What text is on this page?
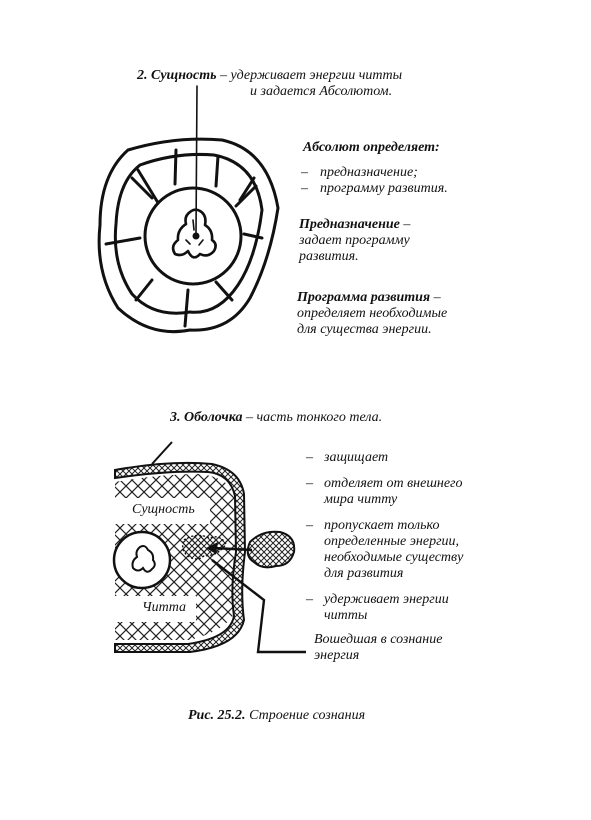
2. Сущность – удерживает энергии читты
и задается Абсолютом.
Абсолют определяет:
– предназначение;
– программу развития.
Предназначение –
задает программу
развития.
Программа развития –
определяет необходимые
для существа энергии.
3. Оболочка – часть тонкого тела.
Сущность
Читта
– защищает
– отделяет от внешнего
мира читту
– пропускает только
определенные энергии,
необходимые существу
для развития
– удерживает энергии
читты
Вошедшая в сознание
энергия
Рис. 25.2. Строение сознания
